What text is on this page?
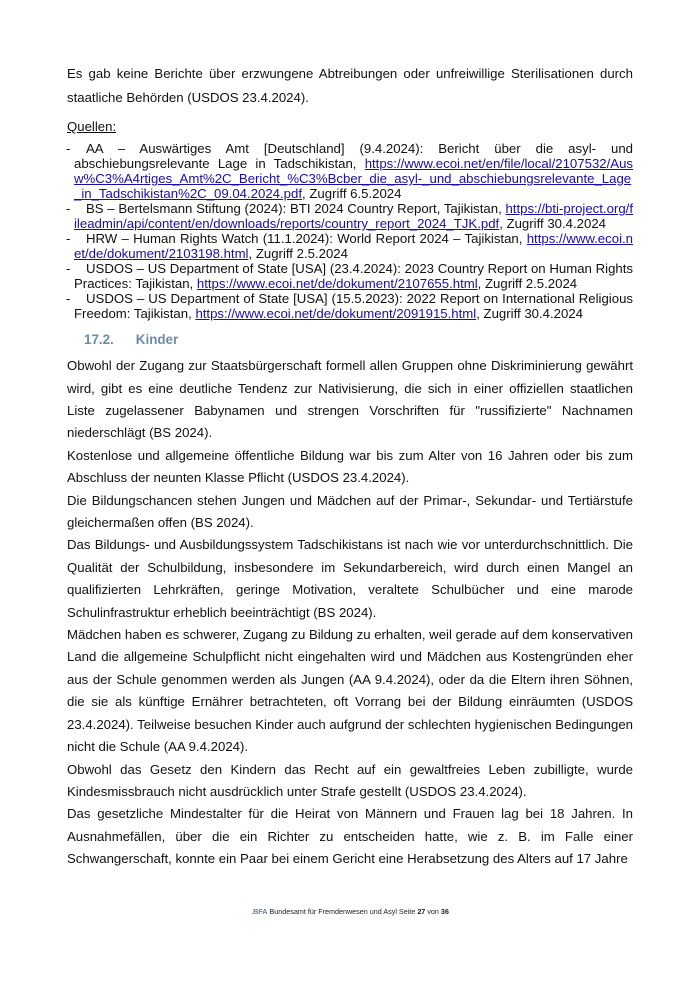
Es gab keine Berichte über erzwungene Abtreibungen oder unfreiwillige Sterilisationen durch staatliche Behörden (USDOS 23.4.2024).

Quellen:
- AA – Auswärtiges Amt [Deutschland] (9.4.2024): Bericht über die asyl- und abschiebungsrelevante Lage in Tadschikistan, https://www.ecoi.net/en/file/local/2107532/Ausw%C3%A4rtiges_Amt%2C_Bericht_%C3%Bcber_die_asyl-_und_abschiebungsrelevante_Lage_in_Tadschikistan%2C_09.04.2024.pdf, Zugriff 6.5.2024
- BS – Bertelsmann Stiftung (2024): BTI 2024 Country Report, Tajikistan, https://bti-project.org/fileadmin/api/content/en/downloads/reports/country_report_2024_TJK.pdf, Zugriff 30.4.2024
- HRW – Human Rights Watch (11.1.2024): World Report 2024 – Tajikistan, https://www.ecoi.net/de/dokument/2103198.html, Zugriff 2.5.2024
- USDOS – US Department of State [USA] (23.4.2024): 2023 Country Report on Human Rights Practices: Tajikistan, https://www.ecoi.net/de/dokument/2107655.html, Zugriff 2.5.2024
- USDOS – US Department of State [USA] (15.5.2023): 2022 Report on International Religious Freedom: Tajikistan, https://www.ecoi.net/de/dokument/2091915.html, Zugriff 30.4.2024
17.2. Kinder

Obwohl der Zugang zur Staatsbürgerschaft formell allen Gruppen ohne Diskriminierung gewährt wird, gibt es eine deutliche Tendenz zur Nativisierung, die sich in einer offiziellen staatlichen Liste zugelassener Babynamen und strengen Vorschriften für "russifizierte" Nachnamen niederschlägt (BS 2024).

Kostenlose und allgemeine öffentliche Bildung war bis zum Alter von 16 Jahren oder bis zum Abschluss der neunten Klasse Pflicht (USDOS 23.4.2024).

Die Bildungschancen stehen Jungen und Mädchen auf der Primar-, Sekundar- und Tertiärstufe gleichermaßen offen (BS 2024).

Das Bildungs- und Ausbildungssystem Tadschikistans ist nach wie vor unterdurchschnittlich. Die Qualität der Schulbildung, insbesondere im Sekundarbereich, wird durch einen Mangel an qualifizierten Lehrkräften, geringe Motivation, veraltete Schulbücher und eine marode Schulinfrastruktur erheblich beeinträchtigt (BS 2024).

Mädchen haben es schwerer, Zugang zu Bildung zu erhalten, weil gerade auf dem konservativen Land die allgemeine Schulpflicht nicht eingehalten wird und Mädchen aus Kostengründen eher aus der Schule genommen werden als Jungen (AA 9.4.2024), oder da die Eltern ihren Söhnen, die sie als künftige Ernährer betrachteten, oft Vorrang bei der Bildung einräumten (USDOS 23.4.2024). Teilweise besuchen Kinder auch aufgrund der schlechten hygienischen Bedingungen nicht die Schule (AA 9.4.2024).

Obwohl das Gesetz den Kindern das Recht auf ein gewaltfreies Leben zubilligte, wurde Kindesmissbrauch nicht ausdrücklich unter Strafe gestellt (USDOS 23.4.2024).

Das gesetzliche Mindestalter für die Heirat von Männern und Frauen lag bei 18 Jahren. In Ausnahmefällen, über die ein Richter zu entscheiden hatte, wie z. B. im Falle einer Schwangerschaft, konnte ein Paar bei einem Gericht eine Herabsetzung des Alters auf 17 Jahre

.BFA Bundesamt für Fremdenwesen und Asyl Seite 27 von 36
